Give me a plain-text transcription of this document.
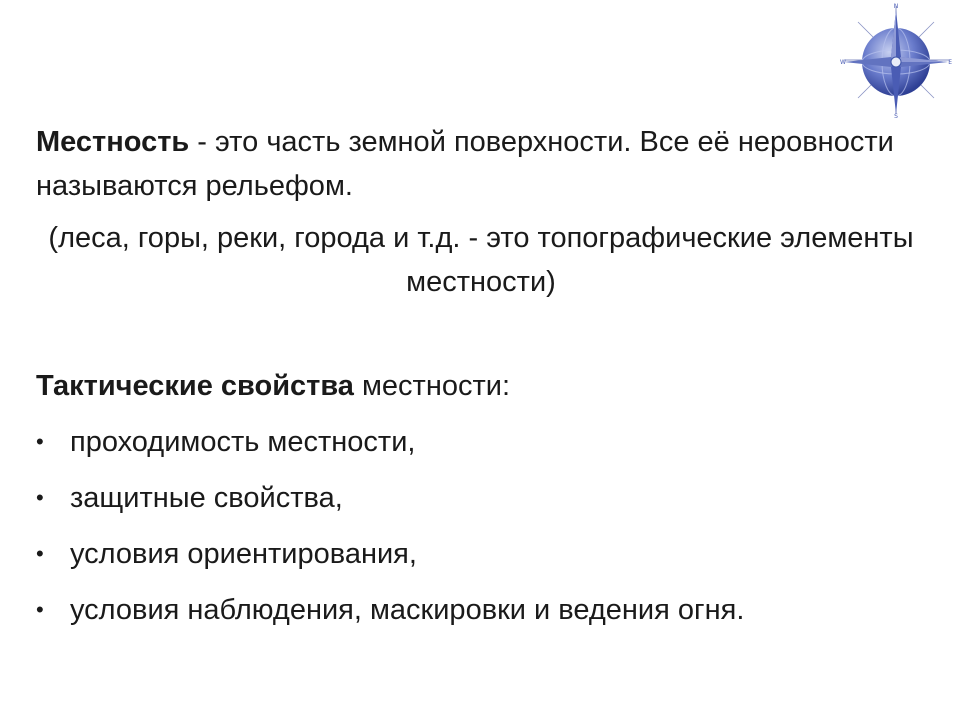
N
E
S
W

Местность - это часть земной поверхности. Все её неровности называются рельефом.

(леса, горы, реки, города и т.д. - это топографические элементы местности)

Тактические свойства местности:

• проходимость местности,
• защитные свойства,
• условия ориентирования,
• условия наблюдения, маскировки и ведения огня.
